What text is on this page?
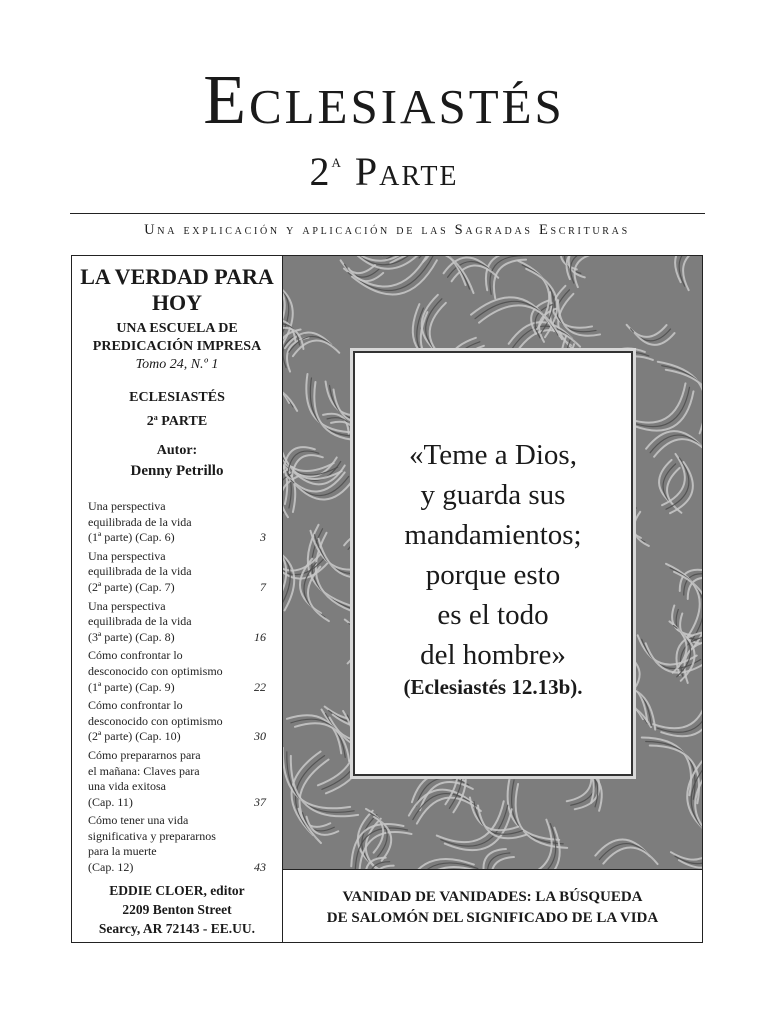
Eclesiastés
2$^a$ Parte
Una explicación y aplicación de las Sagradas Escrituras
LA VERDAD PARA HOY
UNA ESCUELA DE PREDICACIÓN IMPRESA
Tomo 24, N.º 1
ECLESIASTÉS
2$^a$ PARTE
Autor:
Denny Petrillo
Una perspectiva
equilibrada de la vida
(1ª parte) (Cap. 6)	3
Una perspectiva
equilibrada de la vida
(2ª parte) (Cap. 7)	7
Una perspectiva
equilibrada de la vida
(3ª parte) (Cap. 8)	16
Cómo confrontar lo
desconocido con optimismo
(1ª parte) (Cap. 9)	22
Cómo confrontar lo
desconocido con optimismo
(2ª parte) (Cap. 10)	30
Cómo prepararnos para
el mañana: Claves para
una vida exitosa
(Cap. 11)	37
Cómo tener una vida
significativa y prepararnos
para la muerte
(Cap. 12)	43
EDDIE CLOER, editor
2209 Benton Street
Searcy, AR 72143 - EE.UU.
«Teme a Dios,
y guarda sus
mandamientos;
porque esto
es el todo
del hombre»
(Eclesiastés 12.13b).
VANIDAD DE VANIDADES: LA BÚSQUEDA
DE SALOMÓN DEL SIGNIFICADO DE LA VIDA
